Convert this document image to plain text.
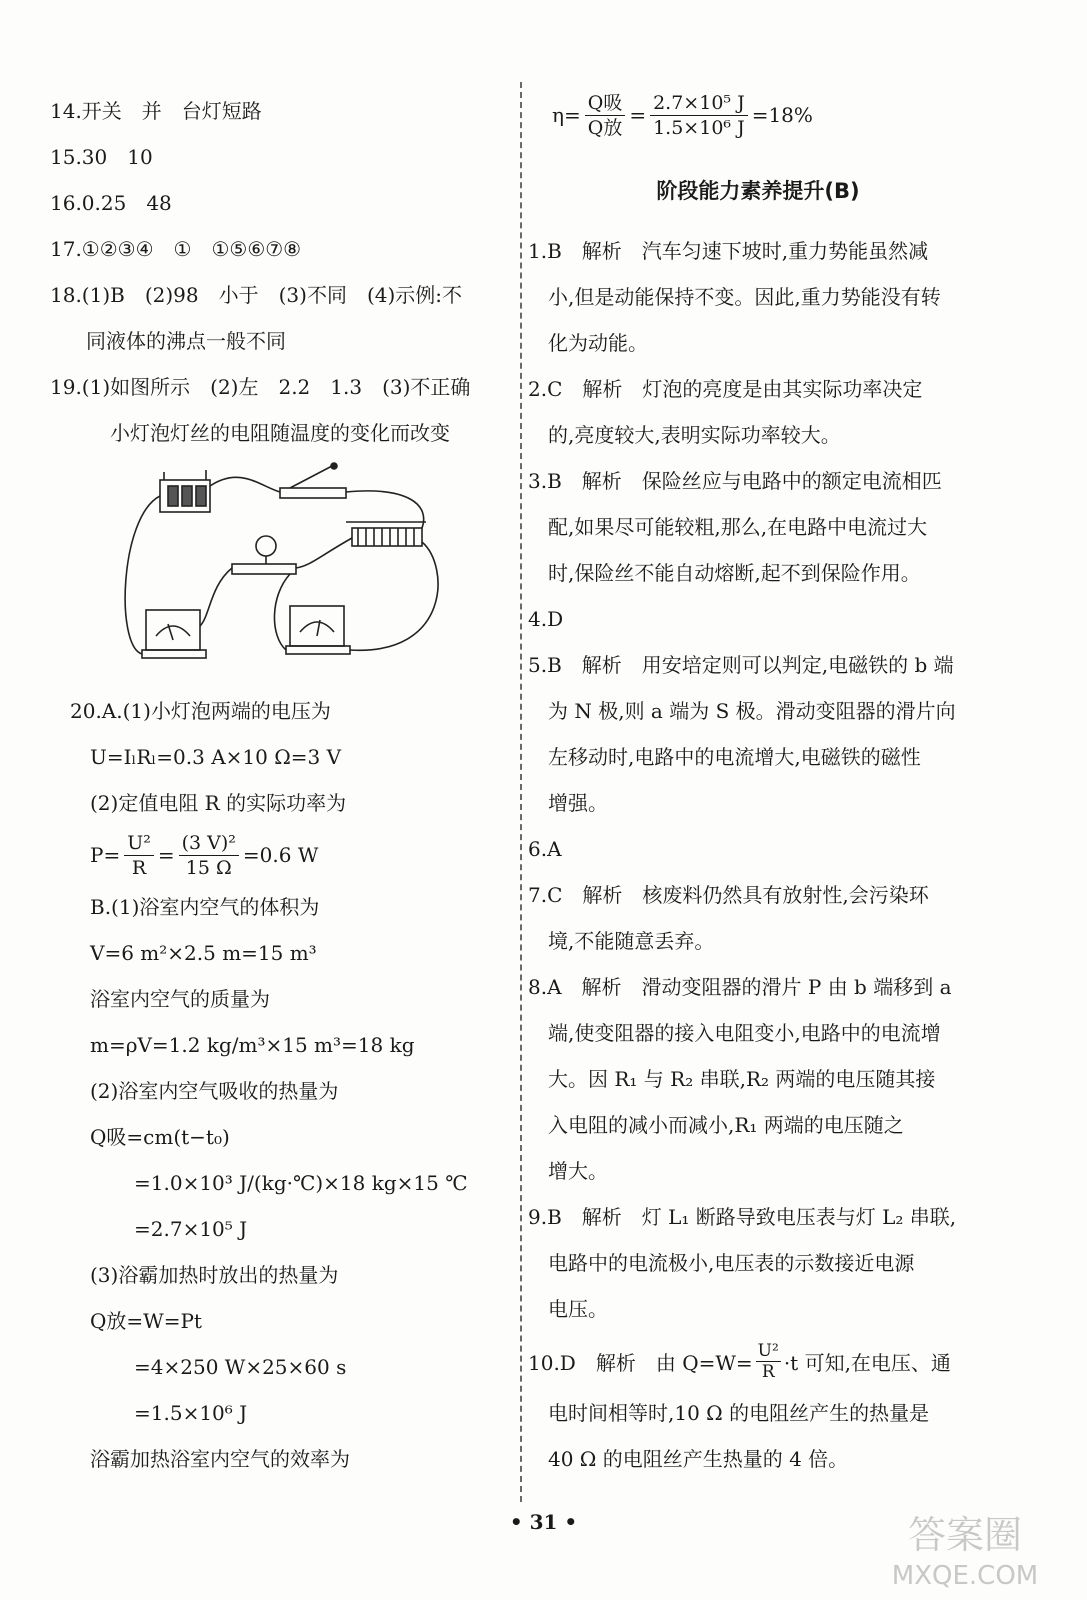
14.开关　并　台灯短路
15.30　10
16.0.25　48
17.①②③④　①　①⑤⑥⑦⑧
18.(1)B　(2)98　小于　(3)不同　(4)示例:不
同液体的沸点一般不同
19.(1)如图所示　(2)左　2.2　1.3　(3)不正确
小灯泡灯丝的电阻随温度的变化而改变
20.A.(1)小灯泡两端的电压为
U=IₗRₗ=0.3 A×10 Ω=3 V
(2)定值电阻 R 的实际功率为
$P= \frac{\text{U²}}{R} = \frac{\text{(3 V)²}}{15 \Omega} =0.6$ W
B.(1)浴室内空气的体积为
V=6 m²×2.5 m=15 m³
浴室内空气的质量为
m=ρV=1.2 kg/m³×15 m³=18 kg
(2)浴室内空气吸收的热量为
Q吸=cm(t−t₀)
=1.0×10³ J/(kg·℃)×18 kg×15 ℃
=2.7×10⁵ J
(3)浴霸加热时放出的热量为
Q放=W=Pt
=4×250 W×25×60 s
=1.5×10⁶ J
浴霸加热浴室内空气的效率为
$\eta= \frac{\text{Q吸}}{\text{Q放}} = \frac{\text{2.7×10⁵ J}}{\text{1.5×10⁶ J}} =18\%$
阶段能力素养提升(B)
1.B　解析　汽车匀速下坡时,重力势能虽然减
小,但是动能保持不变。因此,重力势能没有转
化为动能。
2.C　解析　灯泡的亮度是由其实际功率决定
的,亮度较大,表明实际功率较大。
3.B　解析　保险丝应与电路中的额定电流相匹
配,如果尽可能较粗,那么,在电路中电流过大
时,保险丝不能自动熔断,起不到保险作用。
4.D
5.B　解析　用安培定则可以判定,电磁铁的 b 端
为 N 极,则 a 端为 S 极。滑动变阻器的滑片向
左移动时,电路中的电流增大,电磁铁的磁性
增强。
6.A
7.C　解析　核废料仍然具有放射性,会污染环
境,不能随意丢弃。
8.A　解析　滑动变阻器的滑片 P 由 b 端移到 a
端,使变阻器的接入电阻变小,电路中的电流增
大。因 R₁ 与 R₂ 串联,R₂ 两端的电压随其接
入电阻的减小而减小,R₁ 两端的电压随之
增大。
9.B　解析　灯 L₁ 断路导致电压表与灯 L₂ 串联,
电路中的电流极小,电压表的示数接近电源
电压。
10.D　解析　由 $Q=W= \frac{\text{U²}}{R} \cdot t$ 可知,在电压、通
电时间相等时,10 Ω 的电阻丝产生的热量是
40 Ω 的电阻丝产生热量的 4 倍。
• 31 •	答案圈
MXQE.COM
